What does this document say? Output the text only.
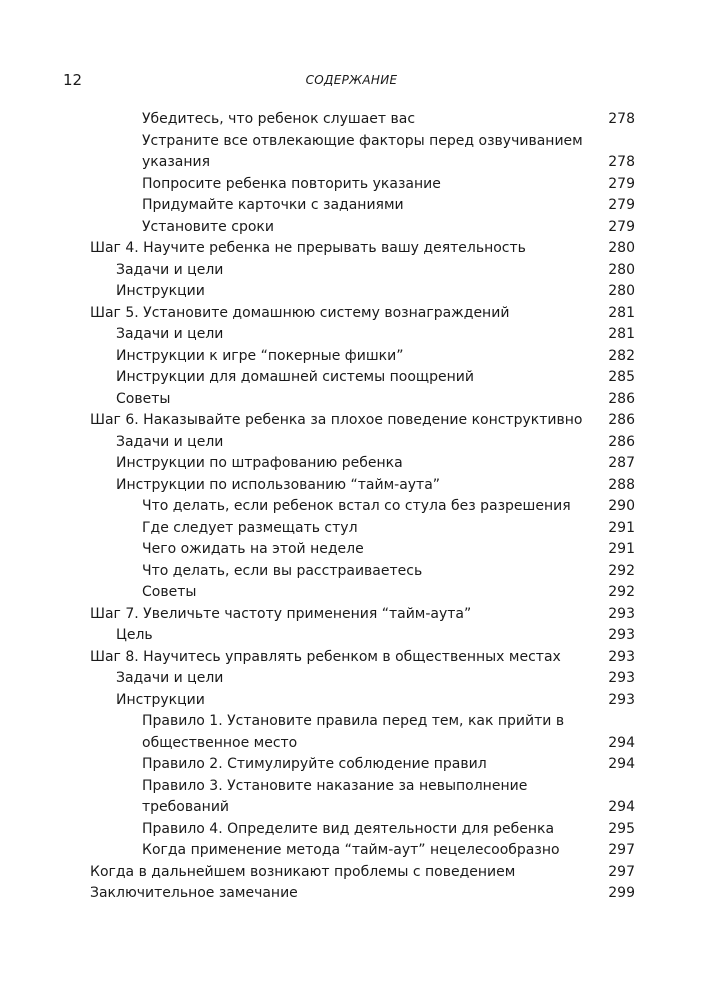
12	СОДЕРЖАНИЕ
Убедитесь, что ребенок слушает вас	278
Устраните все отвлекающие факторы перед озвучиванием указания	278
Попросите ребенка повторить указание	279
Придумайте карточки с заданиями	279
Установите сроки	279
Шаг 4. Научите ребенка не прерывать вашу деятельность	280
Задачи и цели	280
Инструкции	280
Шаг 5. Установите домашнюю систему вознаграждений	281
Задачи и цели	281
Инструкции к игре “покерные фишки”	282
Инструкции для домашней системы поощрений	285
Советы	286
Шаг 6. Наказывайте ребенка за плохое поведение конструктивно	286
Задачи и цели	286
Инструкции по штрафованию ребенка	287
Инструкции по использованию “тайм-аута”	288
Что делать, если ребенок встал со стула без разрешения	290
Где следует размещать стул	291
Чего ожидать на этой неделе	291
Что делать, если вы расстраиваетесь	292
Советы	292
Шаг 7. Увеличьте частоту применения “тайм-аута”	293
Цель	293
Шаг 8. Научитесь управлять ребенком в общественных местах	293
Задачи и цели	293
Инструкции	293
Правило 1. Установите правила перед тем, как прийти в общественное место	294
Правило 2. Стимулируйте соблюдение правил	294
Правило 3. Установите наказание за невыполнение требований	294
Правило 4. Определите вид деятельности для ребенка	295
Когда применение метода “тайм-аут” нецелесообразно	297
Когда в дальнейшем возникают проблемы с поведением	297
Заключительное замечание	299
